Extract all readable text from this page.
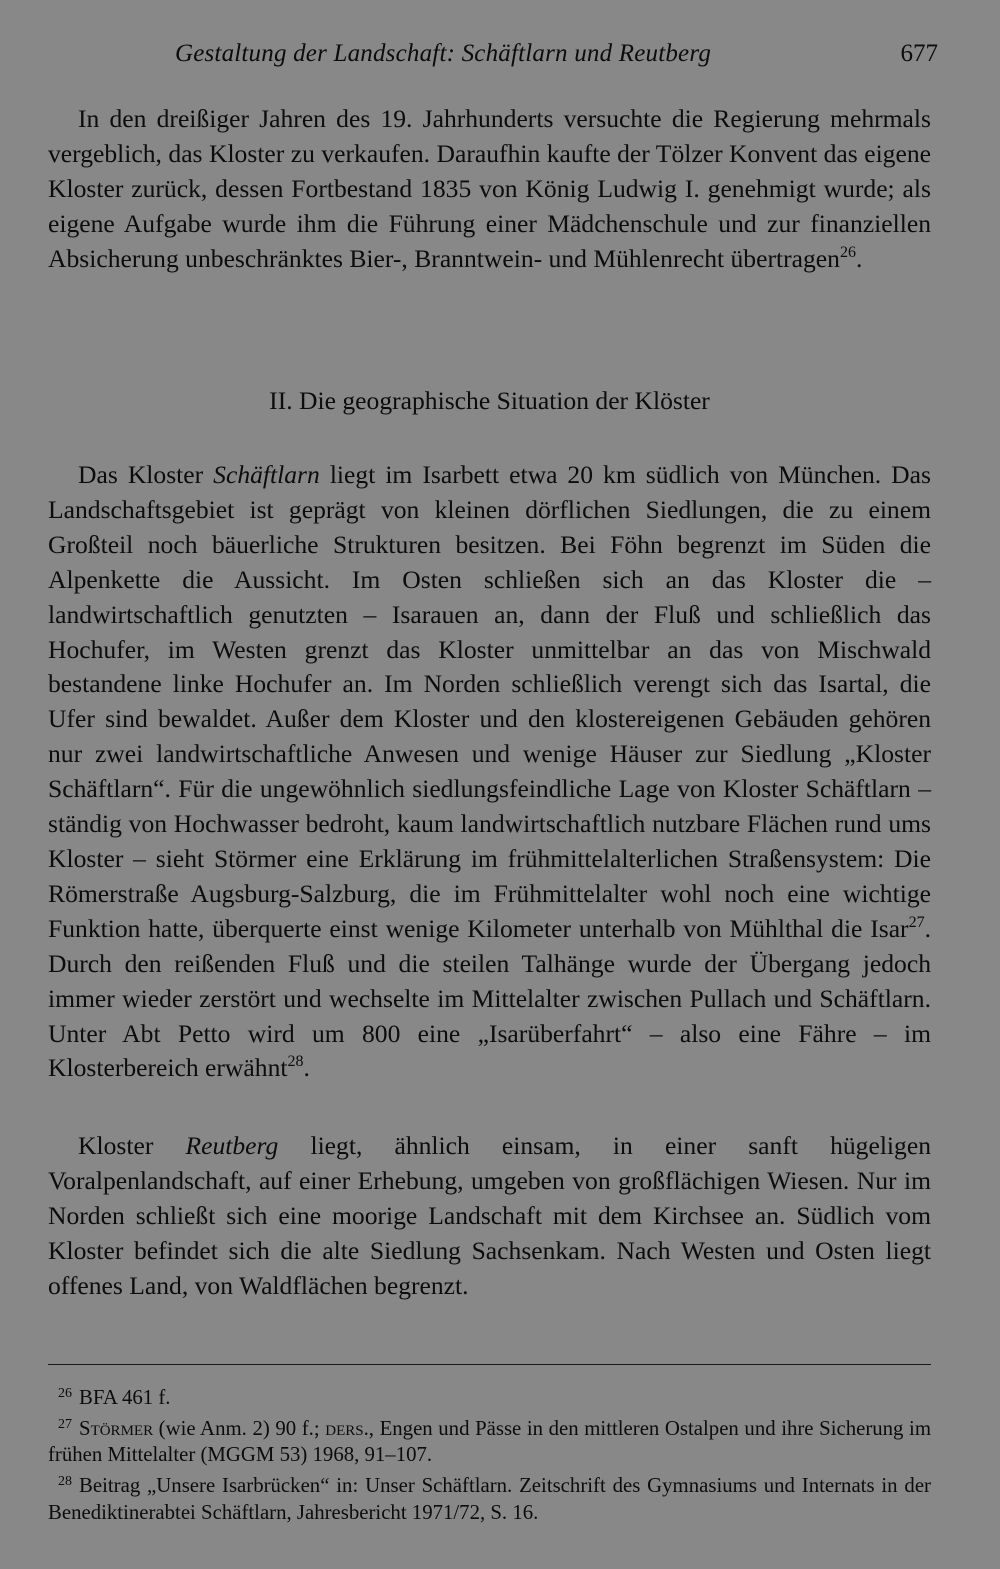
Gestaltung der Landschaft: Schäftlarn und Reutberg	677

In den dreißiger Jahren des 19. Jahrhunderts versuchte die Regierung mehrmals vergeblich, das Kloster zu verkaufen. Daraufhin kaufte der Tölzer Konvent das eigene Kloster zurück, dessen Fortbestand 1835 von König Ludwig I. genehmigt wurde; als eigene Aufgabe wurde ihm die Führung einer Mädchenschule und zur finanziellen Absicherung unbeschränktes Bier-, Branntwein- und Mühlenrecht übertragen$^{26}$.

II. Die geographische Situation der Klöster

Das Kloster Schäftlarn liegt im Isarbett etwa 20 km südlich von München. Das Landschaftsgebiet ist geprägt von kleinen dörflichen Siedlungen, die zu einem Großteil noch bäuerliche Strukturen besitzen. Bei Föhn begrenzt im Süden die Alpenkette die Aussicht. Im Osten schließen sich an das Kloster die – landwirtschaftlich genutzten – Isarauen an, dann der Fluß und schließlich das Hochufer, im Westen grenzt das Kloster unmittelbar an das von Mischwald bestandene linke Hochufer an. Im Norden schließlich verengt sich das Isartal, die Ufer sind bewaldet. Außer dem Kloster und den klostereigenen Gebäuden gehören nur zwei landwirtschaftliche Anwesen und wenige Häuser zur Siedlung „Kloster Schäftlarn“. Für die ungewöhnlich siedlungsfeindliche Lage von Kloster Schäftlarn – ständig von Hochwasser bedroht, kaum landwirtschaftlich nutzbare Flächen rund ums Kloster – sieht Störmer eine Erklärung im frühmittelalterlichen Straßensystem: Die Römerstraße Augsburg-Salzburg, die im Frühmittelalter wohl noch eine wichtige Funktion hatte, überquerte einst wenige Kilometer unterhalb von Mühlthal die Isar$^{27}$. Durch den reißenden Fluß und die steilen Talhänge wurde der Übergang jedoch immer wieder zerstört und wechselte im Mittelalter zwischen Pullach und Schäftlarn. Unter Abt Petto wird um 800 eine „Isarüberfahrt“ – also eine Fähre – im Klosterbereich erwähnt$^{28}$.

Kloster Reutberg liegt, ähnlich einsam, in einer sanft hügeligen Voralpenlandschaft, auf einer Erhebung, umgeben von großflächigen Wiesen. Nur im Norden schließt sich eine moorige Landschaft mit dem Kirchsee an. Südlich vom Kloster befindet sich die alte Siedlung Sachsenkam. Nach Westen und Osten liegt offenes Land, von Waldflächen begrenzt.

$^{26}$ BFA 461 f.

$^{27}$ Störmer (wie Anm. 2) 90 f.; ders., Engen und Pässe in den mittleren Ostalpen und ihre Sicherung im frühen Mittelalter (MGGM 53) 1968, 91–107.

$^{28}$ Beitrag „Unsere Isarbrücken“ in: Unser Schäftlarn. Zeitschrift des Gymnasiums und Internats in der Benediktinerabtei Schäftlarn, Jahresbericht 1971/72, S. 16.
